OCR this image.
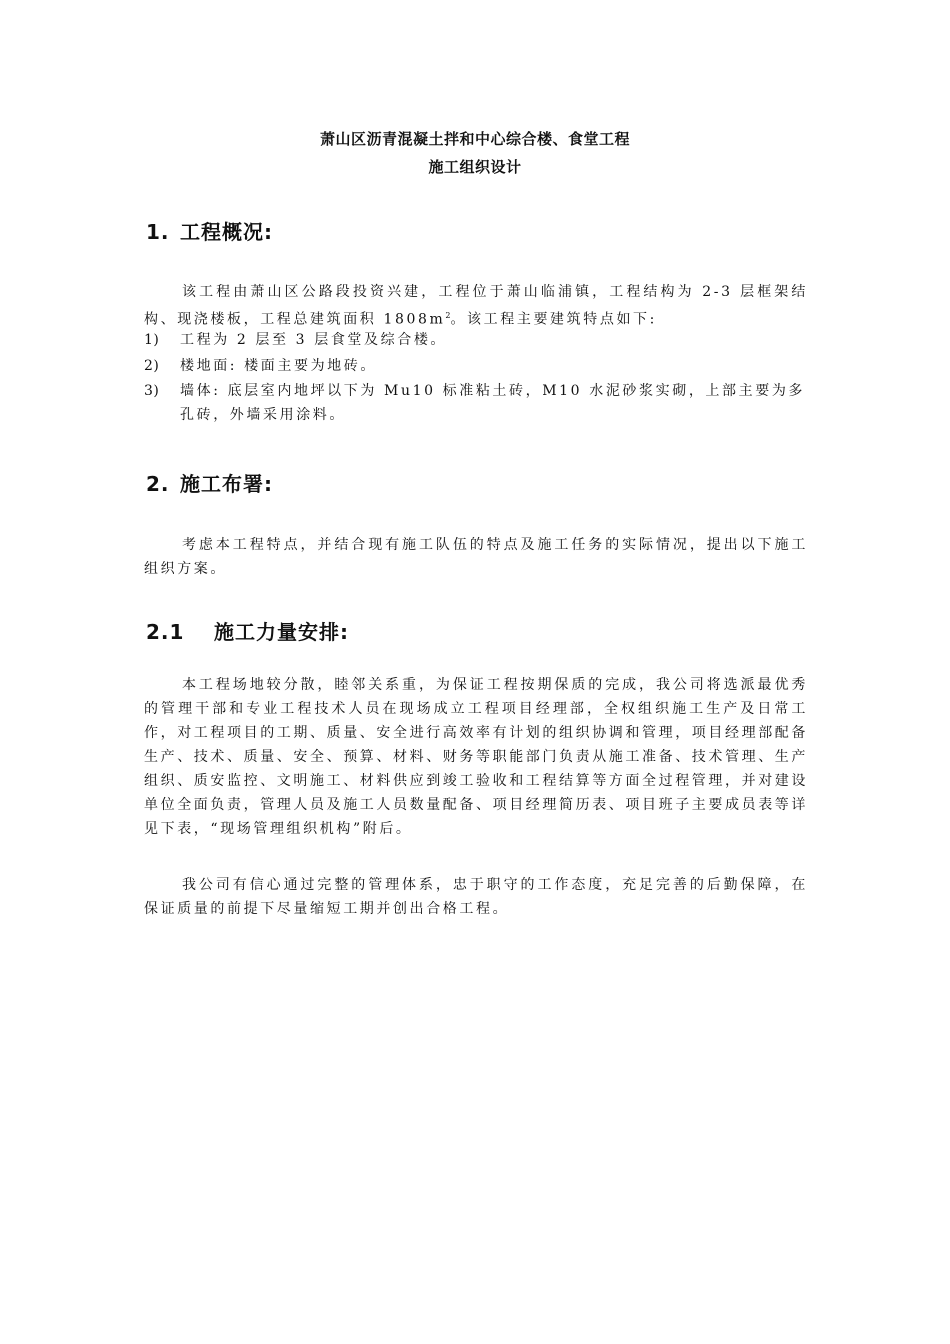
萧山区沥青混凝土拌和中心综合楼、食堂工程
施工组织设计
1. 工程概况:

该工程由萧山区公路段投资兴建，工程位于萧山临浦镇，工程结构为 2-3 层框架结构、现浇楼板，工程总建筑面积 $1808m^2$。该工程主要建筑特点如下:

1)	工程为 2 层至 3 层食堂及综合楼。
2)	楼地面: 楼面主要为地砖。
3)	墙体: 底层室内地坪以下为 Mu10 标准粘土砖，M10 水泥砂浆实砌，上部主要为多孔砖，外墙采用涂料。
2. 施工布署:

考虑本工程特点，并结合现有施工队伍的特点及施工任务的实际情况，提出以下施工组织方案。

2.1 施工力量安排:

本工程场地较分散，睦邻关系重，为保证工程按期保质的完成，我公司将选派最优秀的管理干部和专业工程技术人员在现场成立工程项目经理部，全权组织施工生产及日常工作，对工程项目的工期、质量、安全进行高效率有计划的组织协调和管理，项目经理部配备生产、技术、质量、安全、预算、材料、财务等职能部门负责从施工准备、技术管理、生产组织、质安监控、文明施工、材料供应到竣工验收和工程结算等方面全过程管理，并对建设单位全面负责，管理人员及施工人员数量配备、项目经理简历表、项目班子主要成员表等详见下表，“现场管理组织机构”附后。

我公司有信心通过完整的管理体系，忠于职守的工作态度，充足完善的后勤保障，在保证质量的前提下尽量缩短工期并创出合格工程。
